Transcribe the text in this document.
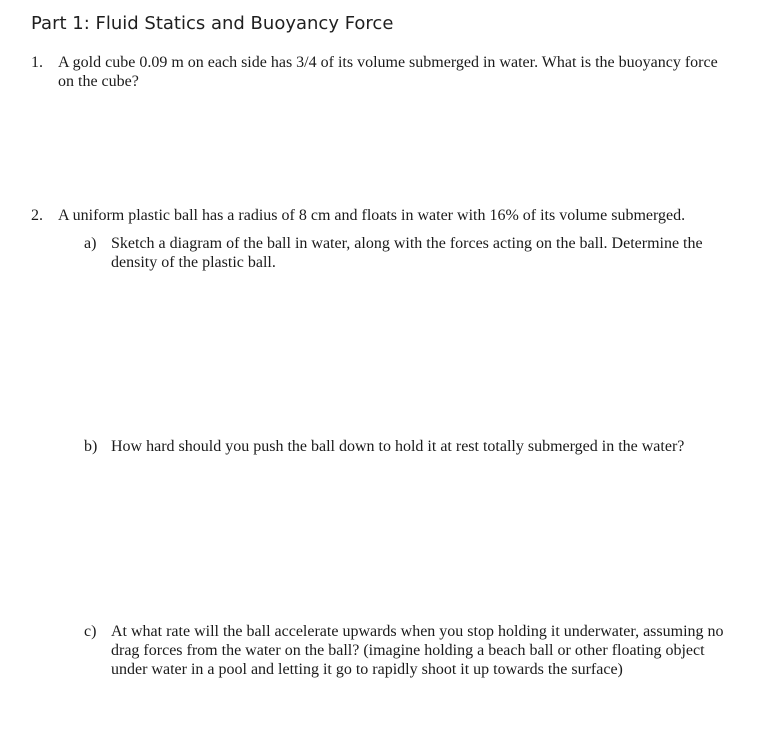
Part 1: Fluid Statics and Buoyancy Force
1. A gold cube 0.09 m on each side has 3/4 of its volume submerged in water. What is the buoyancy force on the cube?
2. A uniform plastic ball has a radius of 8 cm and floats in water with 16% of its volume submerged.
a) Sketch a diagram of the ball in water, along with the forces acting on the ball. Determine the density of the plastic ball.
b) How hard should you push the ball down to hold it at rest totally submerged in the water?
c) At what rate will the ball accelerate upwards when you stop holding it underwater, assuming no drag forces from the water on the ball? (imagine holding a beach ball or other floating object under water in a pool and letting it go to rapidly shoot it up towards the surface)
